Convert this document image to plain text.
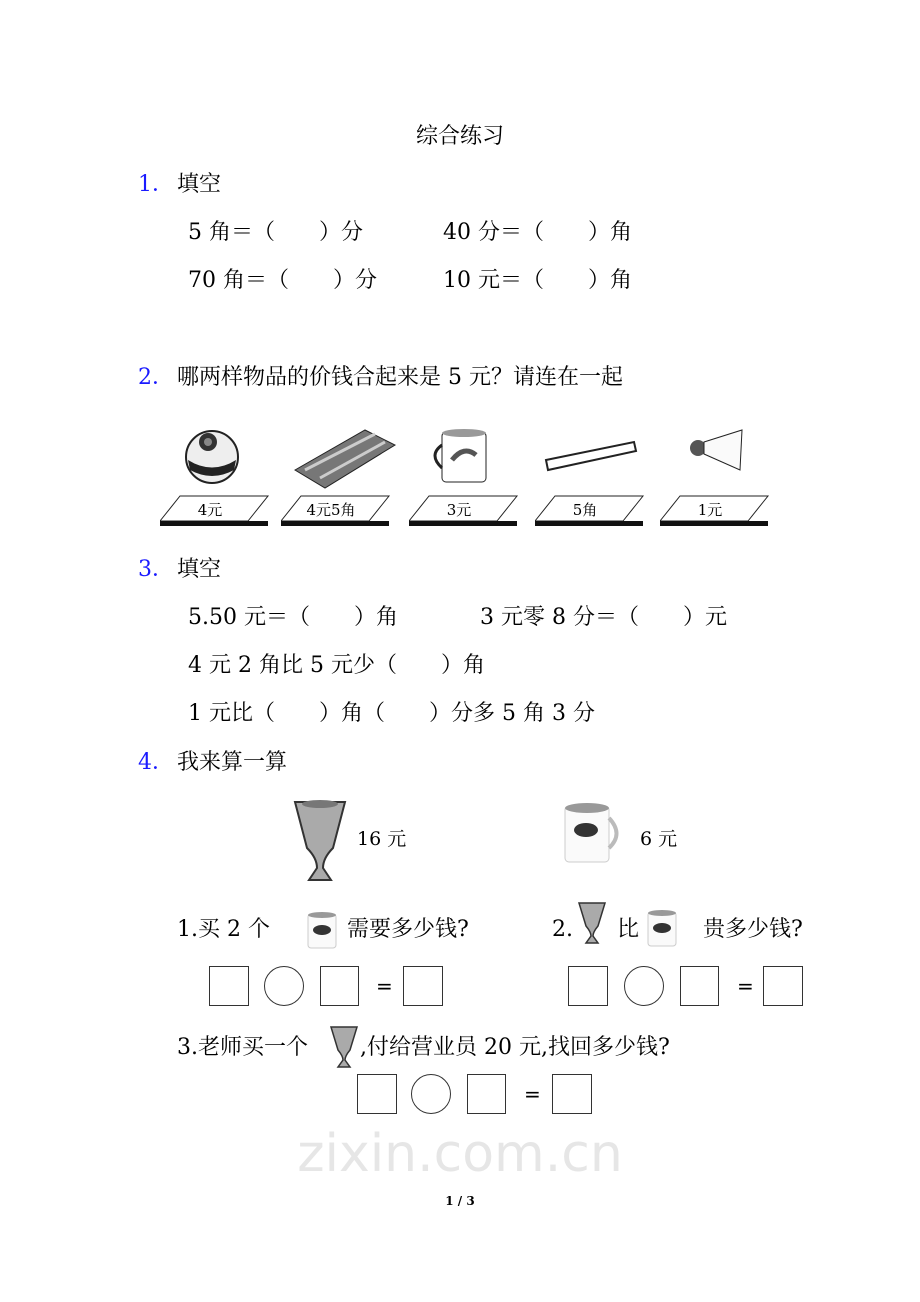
综合练习
1． 填空
5 角＝（　　）分	40 分＝（　　）角
70 角＝（　　）分	10 元＝（　　）角
2． 哪两样物品的价钱合起来是 5 元？请连在一起
4元	4元5角	3元	5角	1元
3． 填空
5.50 元＝（　　）角	3 元零 8 分＝（　　）元
4 元 2 角比 5 元少（　　）角
1 元比（　　）角（　　）分多 5 角 3 分
4． 我来算一算
16 元	6 元
1.买 2 个	需要多少钱?
=
2. 比	贵多少钱?
=
3.老师买一个 ,付给营业员 20 元,找回多少钱?
=
zixin.com.cn
1 / 3
